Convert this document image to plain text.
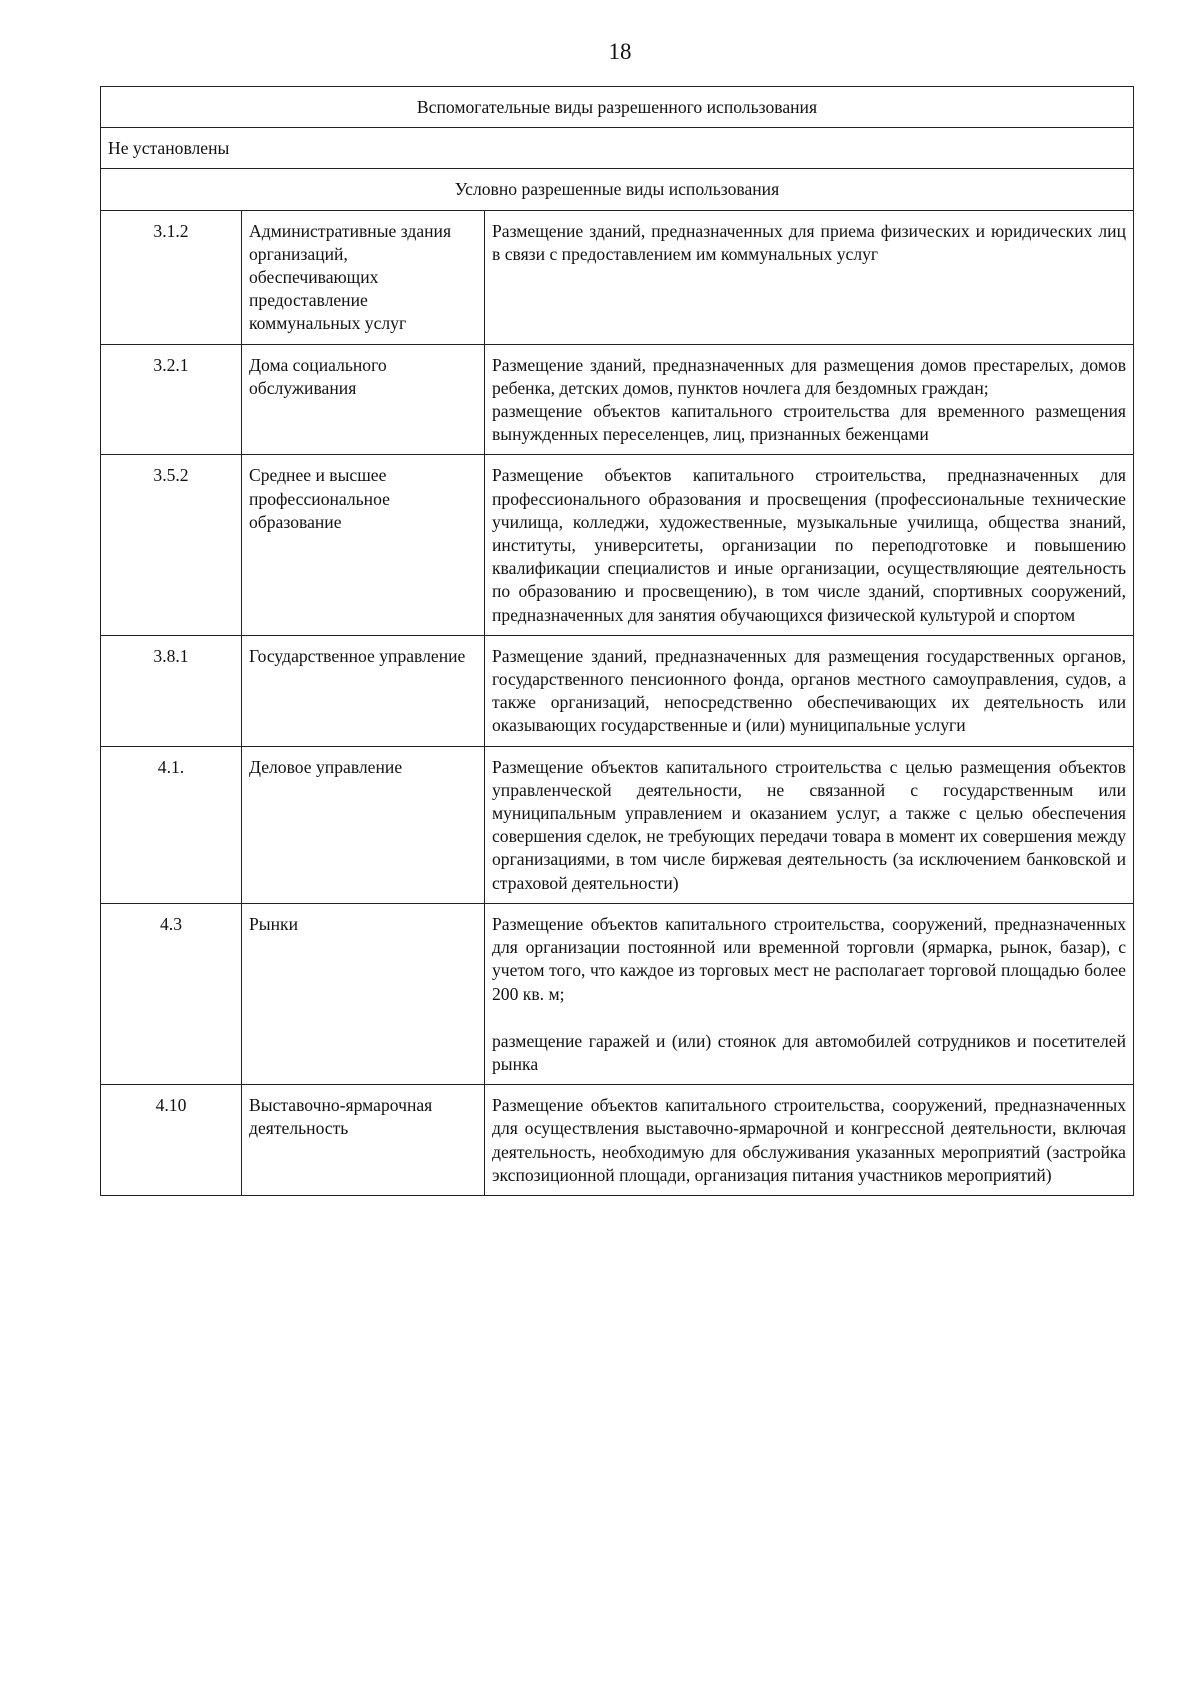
18
Вспомогательные виды разрешенного использования		
Не установлены		
Условно разрешенные виды использования		
3.1.2	Административные здания организаций, обеспечивающих предоставление коммунальных услуг	Размещение зданий, предназначенных для приема физических и юридических лиц в связи с предоставлением им коммунальных услуг

3.2.1	Дома социального обслуживания	Размещение зданий, предназначенных для размещения домов престарелых, домов ребенка, детских домов, пунктов ночлега для бездомных граждан;
размещение объектов капитального строительства для временного размещения вынужденных переселенцев, лиц, признанных беженцами

3.5.2	Среднее и высшее профессиональное образование	Размещение объектов капитального строительства, предназначенных для профессионального образования и просвещения (профессиональные технические училища, колледжи, художественные, музыкальные училища, общества знаний, институты, университеты, организации по переподготовке и повышению квалификации специалистов и иные организации, осуществляющие деятельность по образованию и просвещению), в том числе зданий, спортивных сооружений, предназначенных для занятия обучающихся физической культурой и спортом

3.8.1	Государственное управление	Размещение зданий, предназначенных для размещения государственных органов, государственного пенсионного фонда, органов местного самоуправления, судов, а также организаций, непосредственно обеспечивающих их деятельность или оказывающих государственные и (или) муниципальные услуги

4.1.	Деловое управление	Размещение объектов капитального строительства с целью размещения объектов управленческой деятельности, не связанной с государственным или муниципальным управлением и оказанием услуг, а также с целью обеспечения совершения сделок, не требующих передачи товара в момент их совершения между организациями, в том числе биржевая деятельность (за исключением банковской и страховой деятельности)

4.3	Рынки	Размещение объектов капитального строительства, сооружений, предназначенных для организации постоянной или временной торговли (ярмарка, рынок, базар), с учетом того, что каждое из торговых мест не располагает торговой площадью более 200 кв. м;
размещение гаражей и (или) стоянок для автомобилей сотрудников и посетителей рынка

4.10	Выставочно-ярмарочная деятельность	Размещение объектов капитального строительства, сооружений, предназначенных для осуществления выставочно-ярмарочной и конгрессной деятельности, включая деятельность, необходимую для обслуживания указанных мероприятий (застройка экспозиционной площади, организация питания участников мероприятий)
